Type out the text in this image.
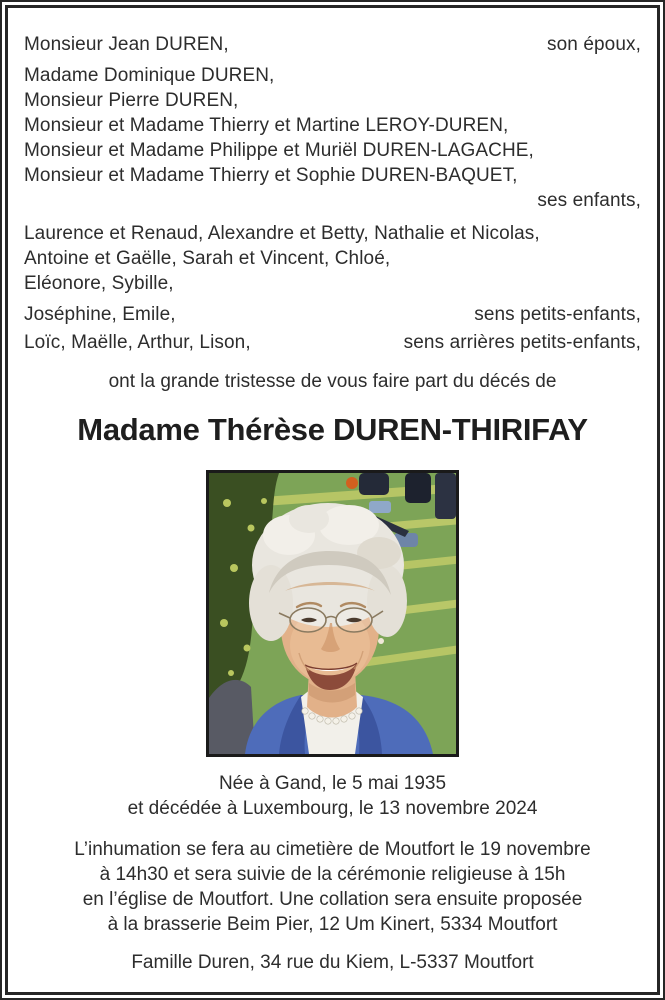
Monsieur Jean DUREN,	son époux,
Madame Dominique DUREN,
Monsieur Pierre DUREN,
Monsieur et Madame Thierry et Martine LEROY-DUREN,
Monsieur et Madame Philippe et Muriël DUREN-LAGACHE,
Monsieur et Madame Thierry et Sophie DUREN-BAQUET,
ses enfants,
Laurence et Renaud, Alexandre et Betty, Nathalie et Nicolas,
Antoine et Gaëlle, Sarah et Vincent, Chloé,
Eléonore, Sybille,
Joséphine, Emile,	sens petits-enfants,
Loïc, Maëlle, Arthur, Lison,	sens arrières petits-enfants,
ont la grande tristesse de vous faire part du décés de
Madame Thérèse DUREN-THIRIFAY
Née à Gand, le 5 mai 1935
et décédée à Luxembourg, le 13 novembre 2024
L’inhumation se fera au cimetière de Moutfort le 19 novembre
à 14h30 et sera suivie de la cérémonie religieuse à 15h
en l’église de Moutfort. Une collation sera ensuite proposée
à la brasserie Beim Pier, 12 Um Kinert, 5334 Moutfort
Famille Duren, 34 rue du Kiem, L-5337 Moutfort
